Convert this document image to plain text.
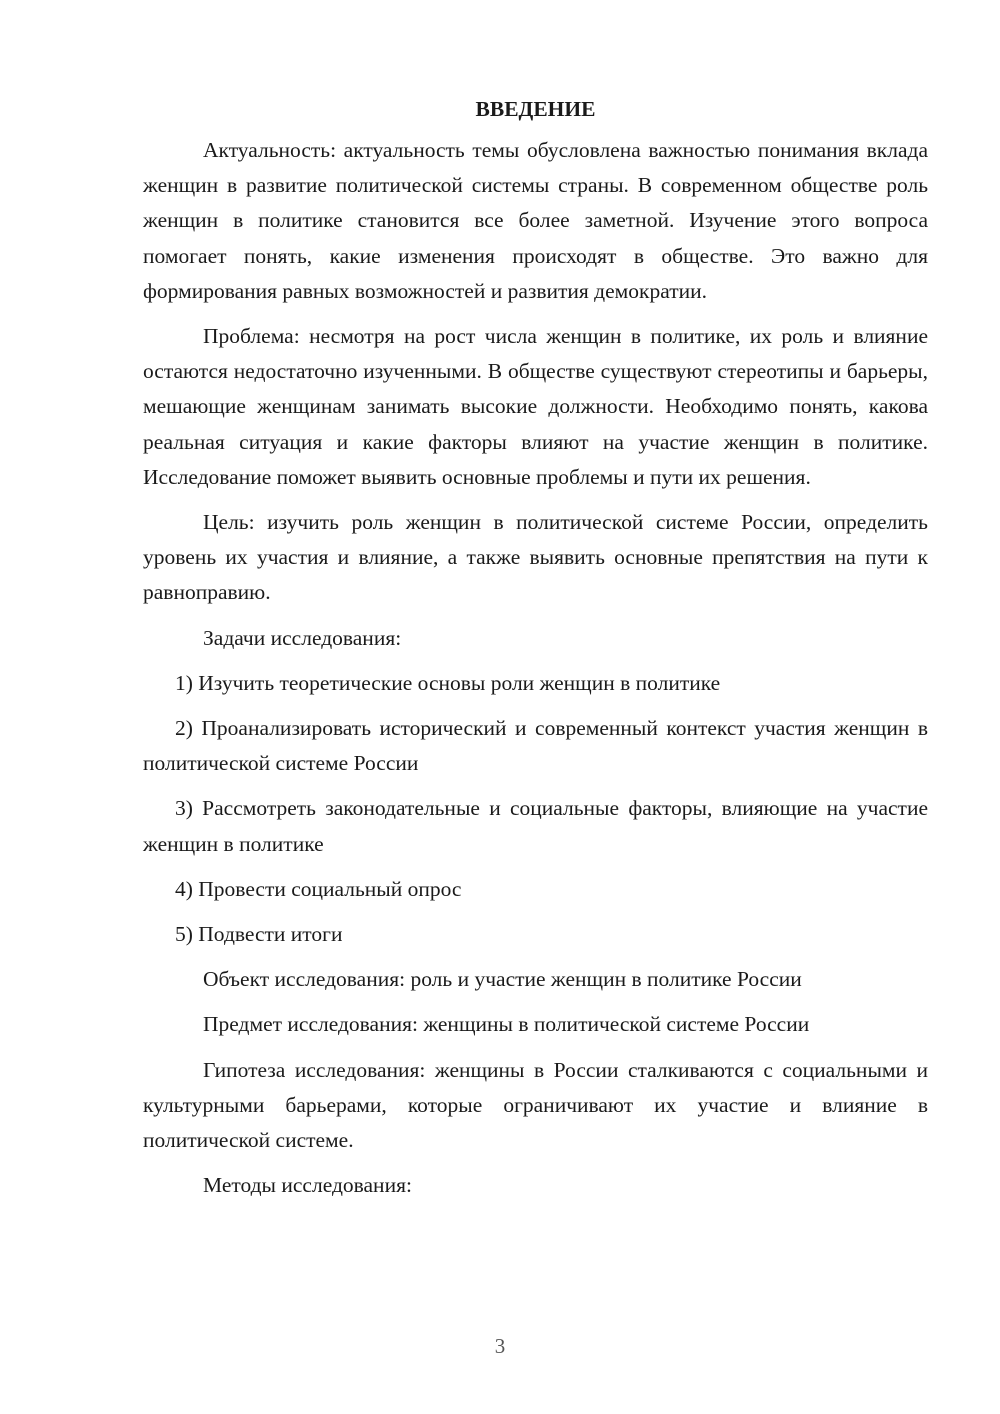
ВВЕДЕНИЕ

Актуальность: актуальность темы обусловлена важностью понимания вклада женщин в развитие политической системы страны. В современном обществе роль женщин в политике становится все более заметной. Изучение этого вопроса помогает понять, какие изменения происходят в обществе. Это важно для формирования равных возможностей и развития демократии.

Проблема: несмотря на рост числа женщин в политике, их роль и влияние остаются недостаточно изученными. В обществе существуют стереотипы и барьеры, мешающие женщинам занимать высокие должности. Необходимо понять, какова реальная ситуация и какие факторы влияют на участие женщин в политике. Исследование поможет выявить основные проблемы и пути их решения.

Цель: изучить роль женщин в политической системе России, определить уровень их участия и влияние, а также выявить основные препятствия на пути к равноправию.

Задачи исследования:

1) Изучить теоретические основы роли женщин в политике

2) Проанализировать исторический и современный контекст участия женщин в политической системе России

3) Рассмотреть законодательные и социальные факторы, влияющие на участие женщин в политике

4) Провести социальный опрос

5) Подвести итоги

Объект исследования: роль и участие женщин в политике России

Предмет исследования: женщины в политической системе России

Гипотеза исследования: женщины в России сталкиваются с социальными и культурными барьерами, которые ограничивают их участие и влияние в политической системе.

Методы исследования:

3
